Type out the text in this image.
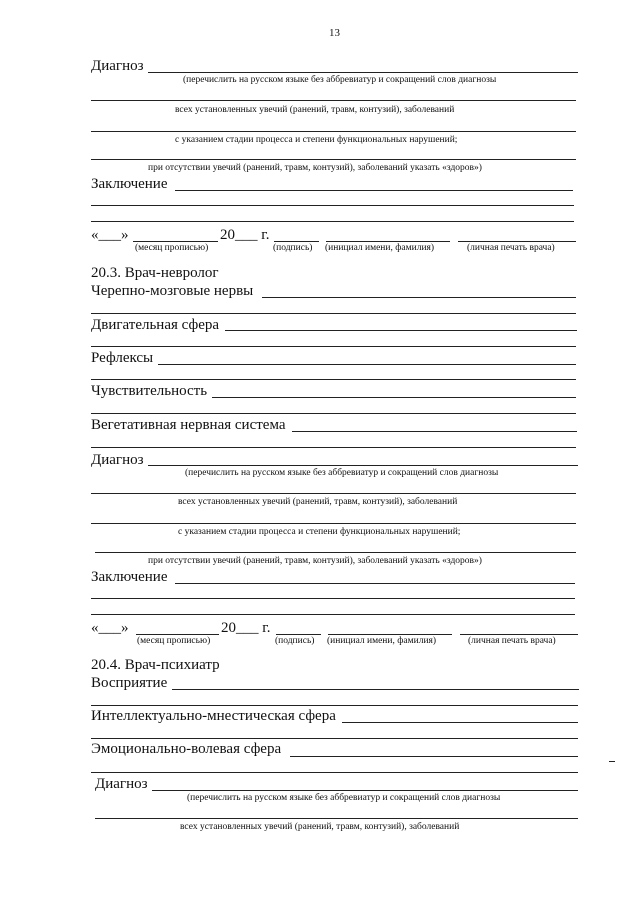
13
Диагноз
(перечислить на русском языке без аббревиатур и сокращений слов диагнозы
всех установленных увечий (ранений, травм, контузий), заболеваний
с указанием стадии процесса и степени функциональных нарушений;
при отсутствии увечий (ранений, травм, контузий), заболеваний указать «здоров»)
Заключение
«___»	20 ___ г.
(месяц прописью)	(подпись) (инициал имени, фамилия)	(личная печать врача)
20.3. Врач-невролог
Черепно-мозговые нервы
Двигательная сфера
Рефлексы
Чувствительность
Вегетативная нервная система
Диагноз
(перечислить на русском языке без аббревиатур и сокращений слов диагнозы
всех установленных увечий (ранений, травм, контузий), заболеваний
с указанием стадии процесса и степени функциональных нарушений;
при отсутствии увечий (ранений, травм, контузий), заболеваний указать «здоров»)
Заключение
«___»	20 ___ г.
(месяц прописью)	(подпись) (инициал имени, фамилия)	(личная печать врача)
20.4. Врач-психиатр
Восприятие
Интеллектуально-мнестическая сфера
Эмоционально-волевая сфера
Диагноз
(перечислить на русском языке без аббревиатур и сокращений слов диагнозы
всех установленных увечий (ранений, травм, контузий), заболеваний
